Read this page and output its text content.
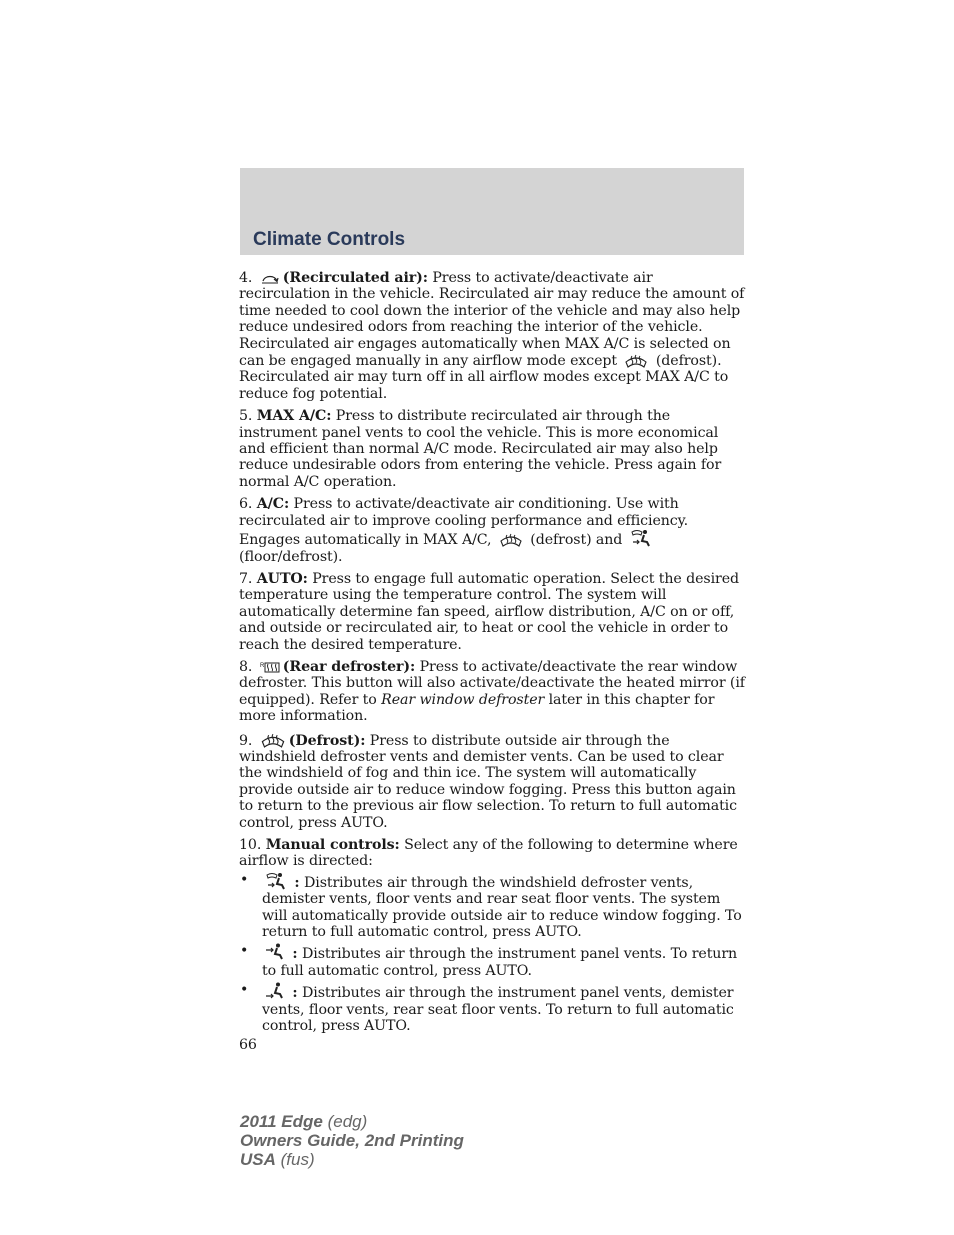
Climate Controls

4. (Recirculated air): Press to activate/deactivate air recirculation in the vehicle. Recirculated air may reduce the amount of time needed to cool down the interior of the vehicle and may also help reduce undesired odors from reaching the interior of the vehicle. Recirculated air engages automatically when MAX A/C is selected on can be engaged manually in any airflow mode except	(defrost). Recirculated air may turn off in all airflow modes except MAX A/C to reduce fog potential.

5. MAX A/C: Press to distribute recirculated air through the instrument panel vents to cool the vehicle. This is more economical and efficient than normal A/C mode. Recirculated air may also help reduce undesirable odors from entering the vehicle. Press again for normal A/C operation.

6. A/C: Press to activate/deactivate air conditioning. Use with recirculated air to improve cooling performance and efficiency. Engages automatically in MAX A/C,	(defrost) and
(floor/defrost).

7. AUTO: Press to engage full automatic operation. Select the desired temperature using the temperature control. The system will automatically determine fan speed, airflow distribution, A/C on or off, and outside or recirculated air, to heat or cool the vehicle in order to reach the desired temperature.

8. R (Rear defroster): Press to activate/deactivate the rear window defroster. This button will also activate/deactivate the heated mirror (if equipped). Refer to Rear window defroster later in this chapter for more information.

9.	(Defrost): Press to distribute outside air through the windshield defroster vents and demister vents. Can be used to clear the windshield of fog and thin ice. The system will automatically provide outside air to reduce window fogging. Press this button again to return to the previous air flow selection. To return to full automatic control, press AUTO.

10. Manual controls: Select any of the following to determine where airflow is directed:

•	: Distributes air through the windshield defroster vents, demister vents, floor vents and rear seat floor vents. The system will automatically provide outside air to reduce window fogging. To return to full automatic control, press AUTO.
•	: Distributes air through the instrument panel vents. To return to full automatic control, press AUTO.
•	: Distributes air through the instrument panel vents, demister vents, floor vents, rear seat floor vents. To return to full automatic control, press AUTO.
66
2011 Edge (edg)
Owners Guide, 2nd Printing
USA (fus)
